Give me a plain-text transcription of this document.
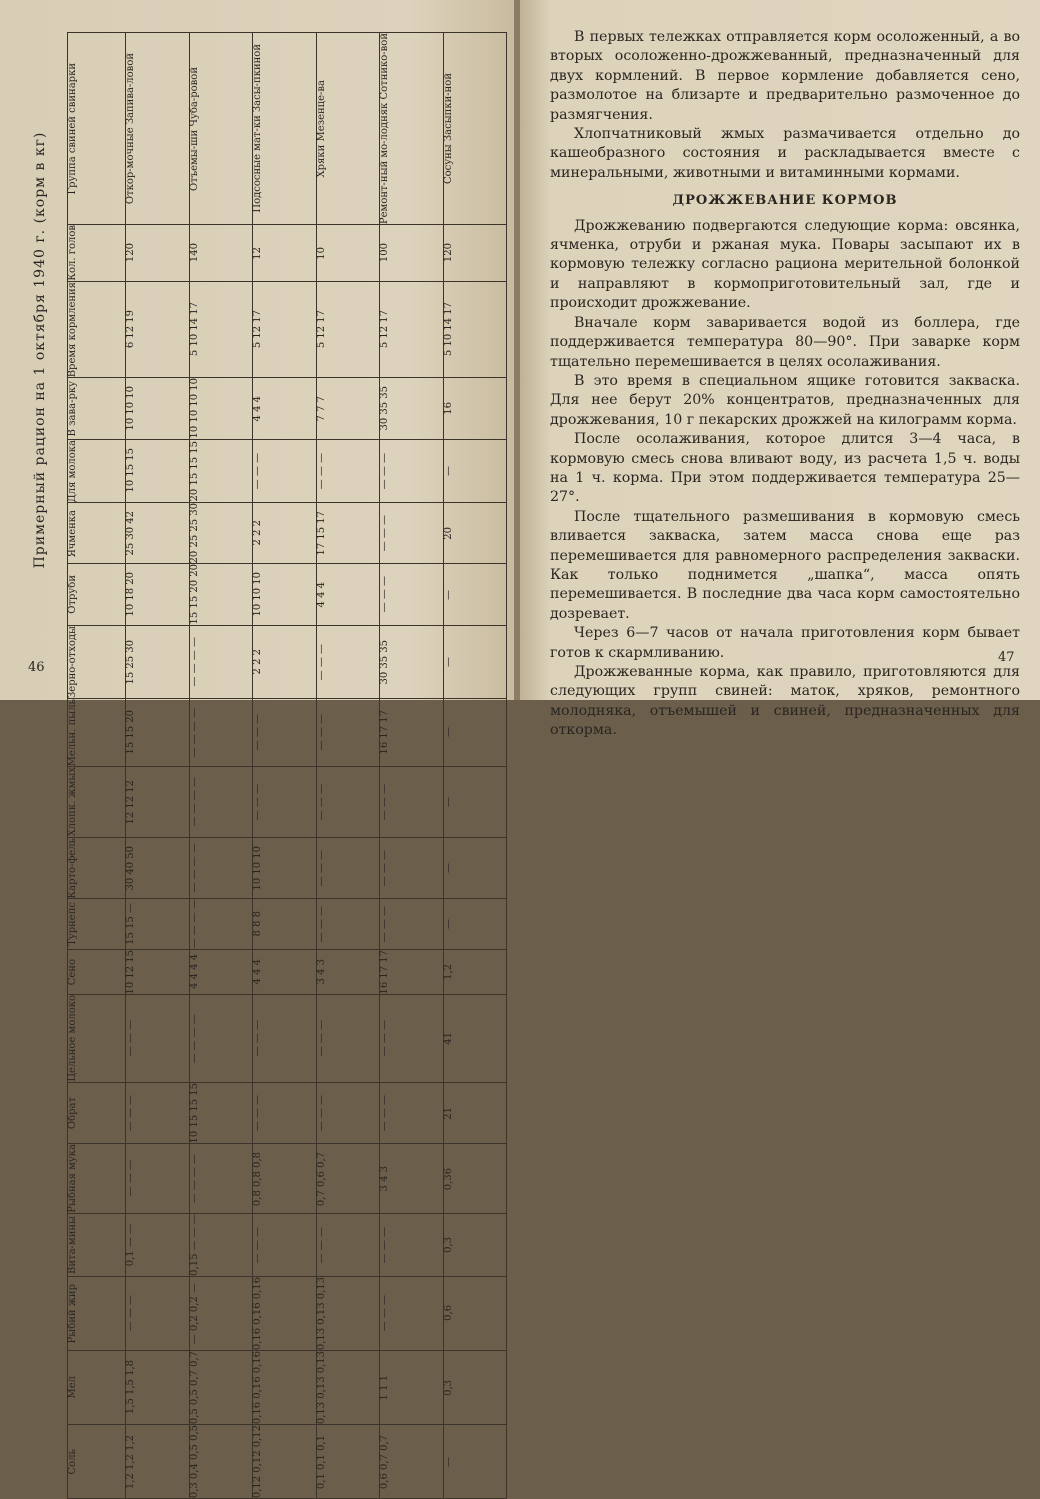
Примерный рацион на 1 октября 1940 г. (корм в кг)
46
Группа свиней свинарки	Откор-мочные Запива-ловой	Отъемы-ши Чуба-ровой	Подсосные мат-ки Засы-пкиной	Хряки Мезенце-ва	Ремонт-ный мо-лодняк Сотнико-вой	Сосуны Засыпки-ной

Кол. голов	120	140	12	10	100	120

Время кормления	6 12 19	5 10 14 17	5 12 17	5 12 17	5 12 17	5 10 14 17

В зава-рку	10 10 10	10 10 10 10	4 4 4	7 7 7	30 35 35	16

Для молока	10 15 15	20 15 15 15	— — —	— — —	— — —	—

Ячменка	25 30 42	20 25 25 30	2 2 2	17 15 17	— — —	20

Отруби	10 18 20	15 15 20 20	10 10 10	4 4 4	— — —	—

Зерно-отходы	15 25 30	— — — —	2 2 2	— — —	30 35 35	—

Мельн. пыль	15 15 20	— — — —	— — —	— — —	16 17 17	—

Хлопк. жмых	12 12 12	— — — —	— — —	— — —	— — —	—

Карто-фель	30 40 50	— — — —	10 10 10	— — —	— — —	—

Турнепс	15 15 —	— — — —	8 8 8	— — —	— — —	—

Сено	10 12 15	4 4 4 4	4 4 4	3 4 3	16 17 17	1,2

Цельное молоко	— — —	— — — —	— — —	— — —	— — —	41

Обрат	— — —	10 15 15 15	— — —	— — —	— — —	21

Рыбная мука	— — —	— — — —	0,8 0,8 0,8	0,7 0,6 0,7	3 4 3	0,36

Вита-мины	0,1 — —	0,15 — — —	— — —	— — —	— — —	0,3

Рыбий жир	— — —	— 0,2 0,2 —	0,16 0,16 0,16	0,13 0,13 0,13	— — —	0,6

Мел	1,5 1,5 1,8	0,5 0,5 0,7 0,7	0,16 0,16 0,16	0,13 0,13 0,13	1 1 1	0,3

Соль	1,2 1,2 1,2	0,3 0,4 0,5 0,5	0,12 0,12 0,12	0,1 0,1 0,1	0,6 0,7 0,7	—

В первых тележках отправляется корм осоложенный, а во вторых осоложенно-дрожжеванный, предназначенный для двух кормлений. В первое кормление добавляется сено, размолотое на близарте и предварительно размоченное до размягчения.

Хлопчатниковый жмых размачивается отдельно до кашеобразного состояния и раскладывается вместе с минеральными, животными и витаминными кормами.

ДРОЖЖЕВАНИЕ КОРМОВ

Дрожжеванию подвергаются следующие корма: овсянка, ячменка, отруби и ржаная мука. Повары засыпают их в кормовую тележку согласно рациона мерительной болонкой и направляют в кормоприготовительный зал, где и происходит дрожжевание.

Вначале корм заваривается водой из боллера, где поддерживается температура 80—90°. При заварке корм тщательно перемешивается в целях осолаживания.

В это время в специальном ящике готовится закваска. Для нее берут 20% концентратов, предназначенных для дрожжевания, 10 г пекарских дрожжей на килограмм корма.

После осолаживания, которое длится 3—4 часа, в кормовую смесь снова вливают воду, из расчета 1,5 ч. воды на 1 ч. корма. При этом поддерживается температура 25—27°.

После тщательного размешивания в кормовую смесь вливается закваска, затем масса снова еще раз перемешивается для равномерного распределения закваски. Как только поднимется „шапка“, масса опять перемешивается. В последние два часа корм самостоятельно дозревает.

Через 6—7 часов от начала приготовления корм бывает готов к скармливанию.

Дрожжеванные корма, как правило, приготовляются для следующих групп свиней: маток, хряков, ремонтного молодняка, отъемышей и свиней, предназначенных для откорма.

47
